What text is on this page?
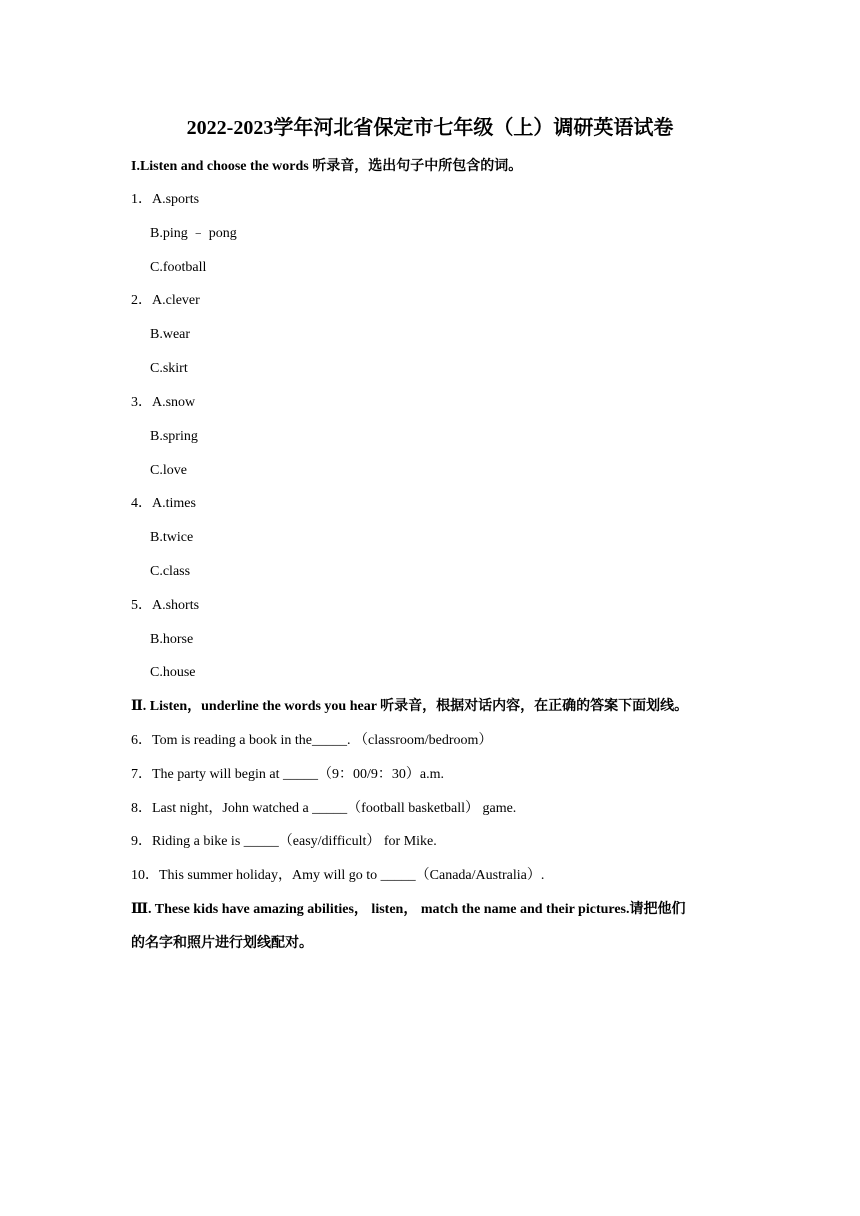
2022-2023学年河北省保定市七年级（上）调研英语试卷
I.Listen and choose the words 听录音，选出句子中所包含的词。
1．A.sports
B.ping ﹣ pong
C.football
2．A.clever
B.wear
C.skirt
3．A.snow
B.spring
C.love
4．A.times
B.twice
C.class
5．A.shorts
B.horse
C.house
Ⅱ. Listen，underline the words you hear 听录音，根据对话内容，在正确的答案下面划线。
6．Tom is reading a book in the_____. （classroom/bedroom）
7．The party will begin at _____（9：00/9：30）a.m.
8．Last night，John watched a _____（football basketball） game.
9．Riding a bike is _____（easy/difficult） for Mike.
10．This summer holiday，Amy will go to _____（Canada/Australia）.
Ⅲ. These kids have amazing abilities， listen， match the name and their pictures.请把他们
的名字和照片进行划线配对。
